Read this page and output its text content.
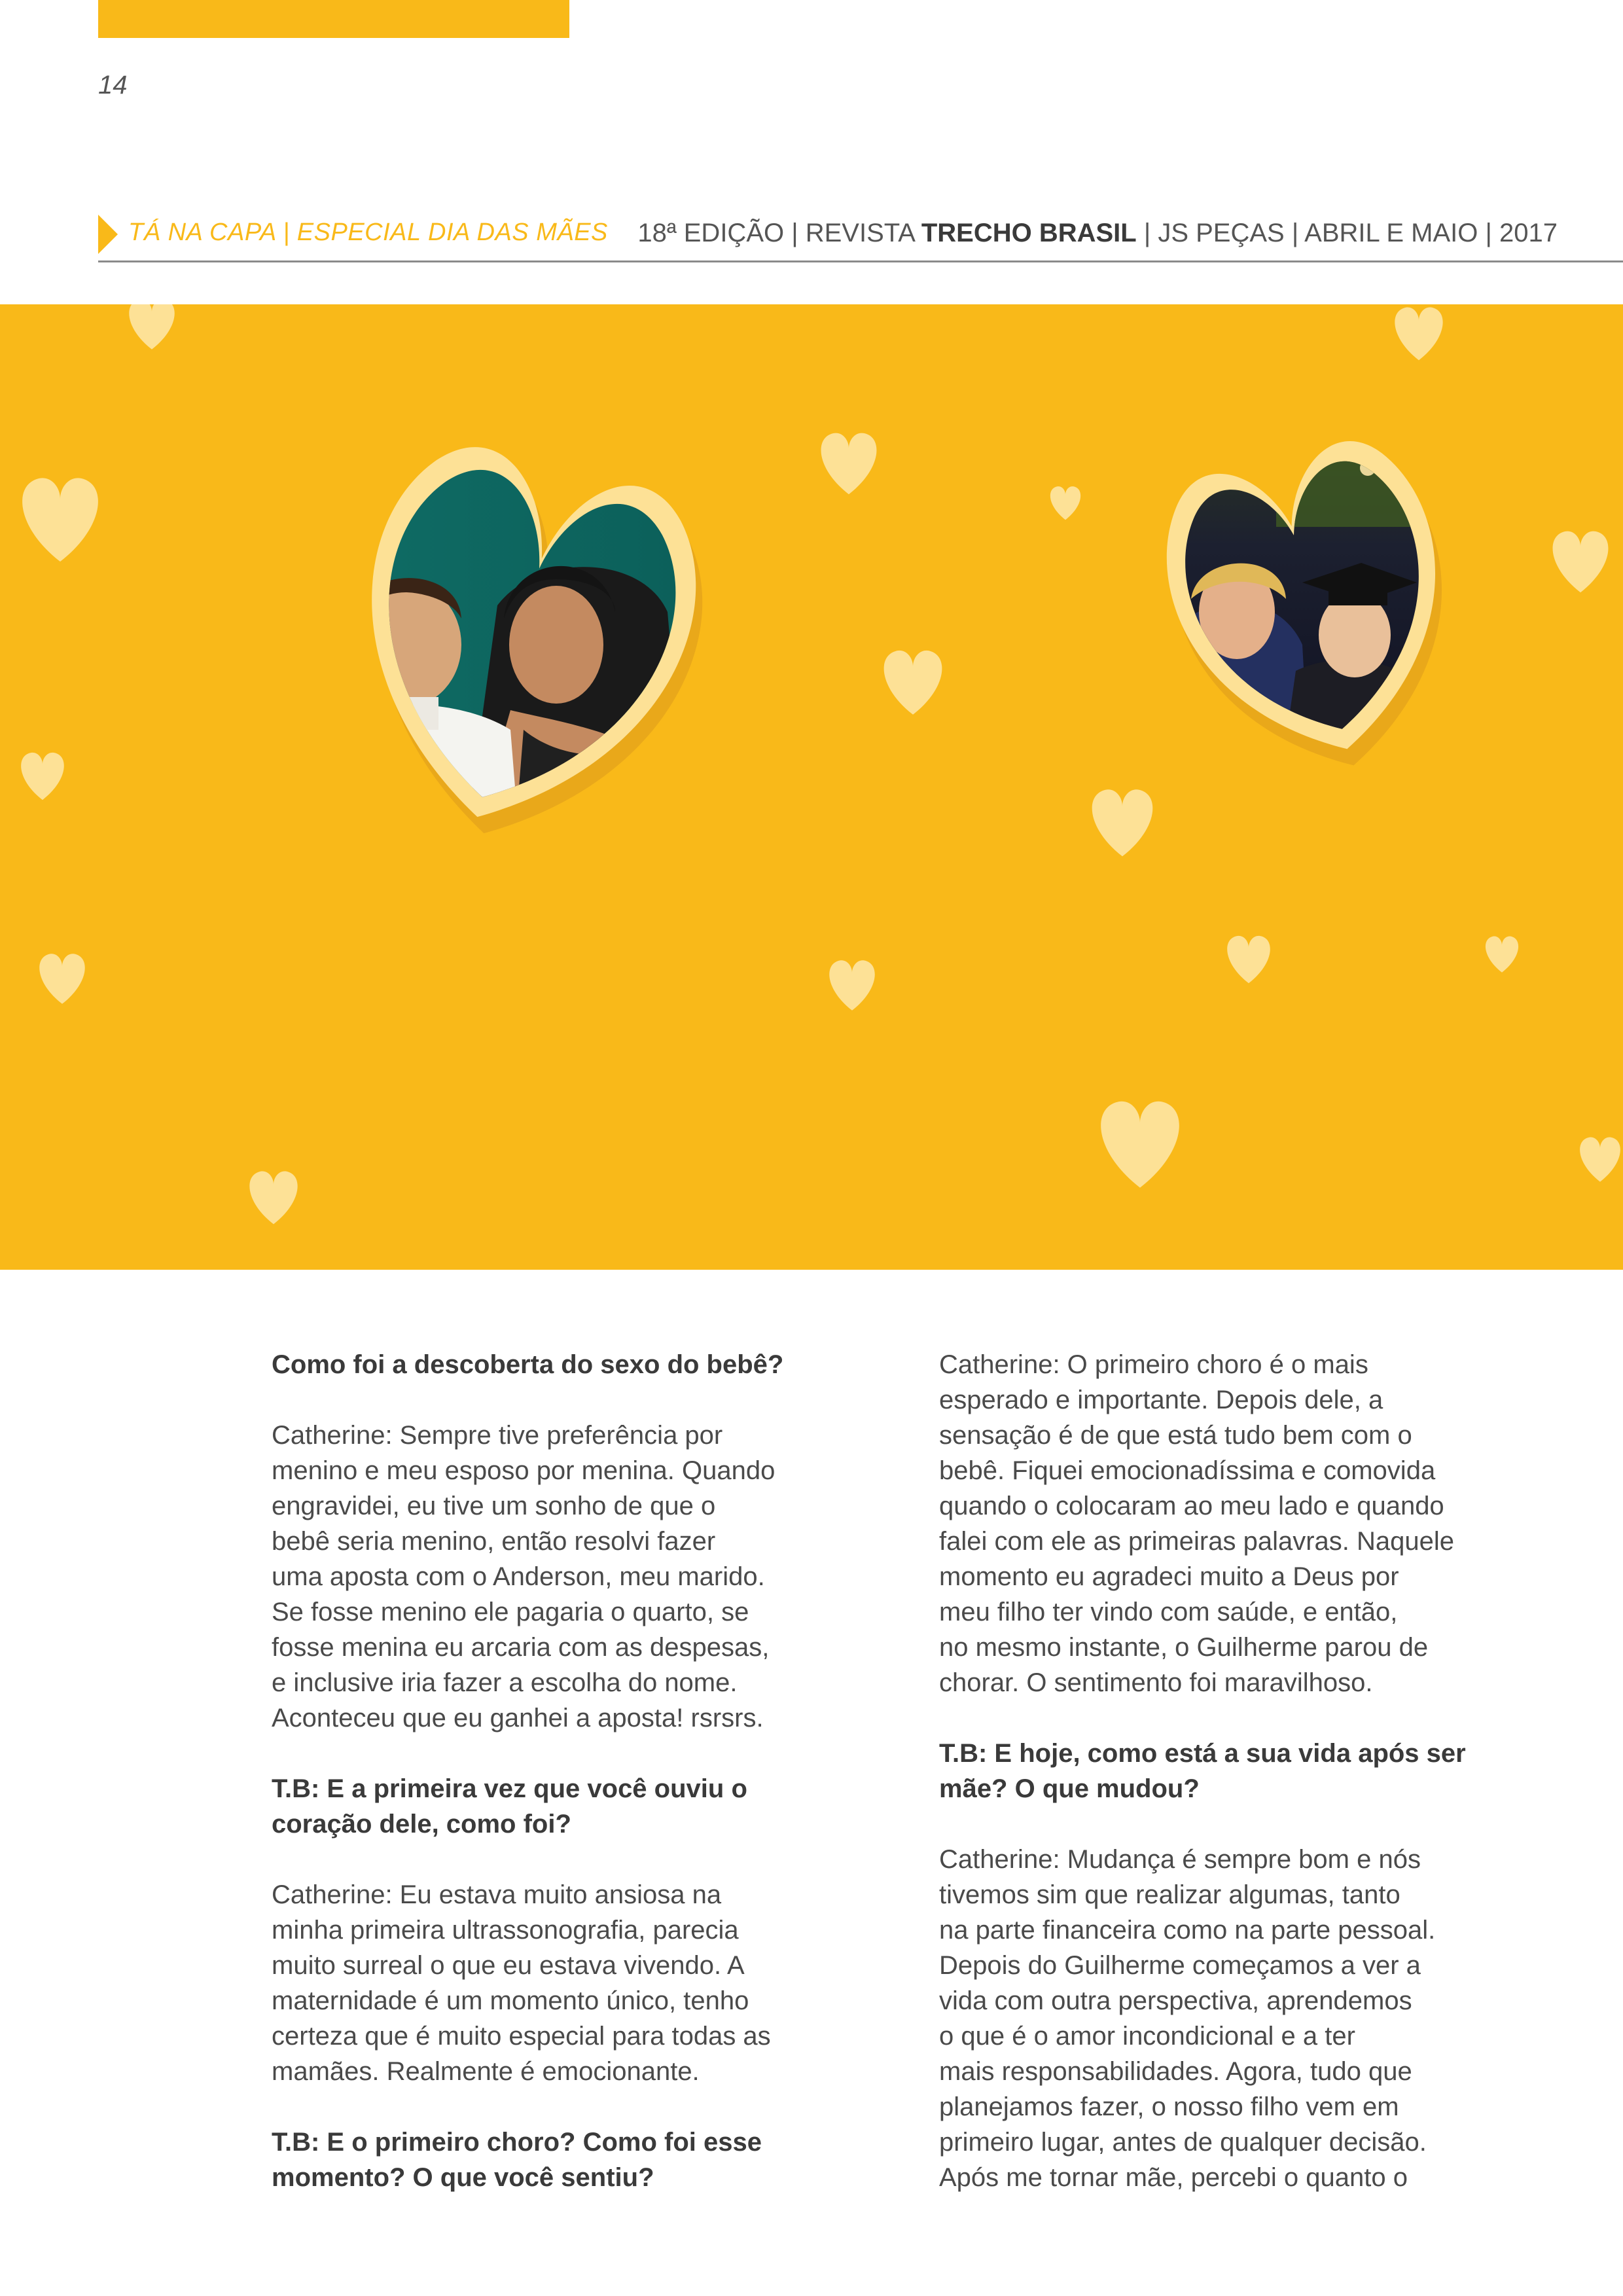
14
TÁ NA CAPA | ESPECIAL DIA DAS MÃES 18ª EDIÇÃO | REVISTA TRECHO BRASIL | JS PEÇAS | ABRIL E MAIO | 2017

Como foi a descoberta do sexo do bebê?

Catherine: Sempre tive preferência por
menino e meu esposo por menina. Quando
engravidei, eu tive um sonho de que o
bebê seria menino, então resolvi fazer
uma aposta com o Anderson, meu marido.
Se fosse menino ele pagaria o quarto, se
fosse menina eu arcaria com as despesas,
e inclusive iria fazer a escolha do nome.
Aconteceu que eu ganhei a aposta! rsrsrs.

T.B: E a primeira vez que você ouviu o
coração dele, como foi?

Catherine: Eu estava muito ansiosa na
minha primeira ultrassonografia, parecia
muito surreal o que eu estava vivendo. A
maternidade é um momento único, tenho
certeza que é muito especial para todas as
mamães. Realmente é emocionante.

T.B: E o primeiro choro? Como foi esse
momento? O que você sentiu?

Catherine: O primeiro choro é o mais
esperado e importante. Depois dele, a
sensação é de que está tudo bem com o
bebê. Fiquei emocionadíssima e comovida
quando o colocaram ao meu lado e quando
falei com ele as primeiras palavras. Naquele
momento eu agradeci muito a Deus por
meu filho ter vindo com saúde, e então,
no mesmo instante, o Guilherme parou de
chorar. O sentimento foi maravilhoso.

T.B: E hoje, como está a sua vida após ser
mãe? O que mudou?

Catherine: Mudança é sempre bom e nós
tivemos sim que realizar algumas, tanto
na parte financeira como na parte pessoal.
Depois do Guilherme começamos a ver a
vida com outra perspectiva, aprendemos
o que é o amor incondicional e a ter
mais responsabilidades. Agora, tudo que
planejamos fazer, o nosso filho vem em
primeiro lugar, antes de qualquer decisão.
Após me tornar mãe, percebi o quanto o
